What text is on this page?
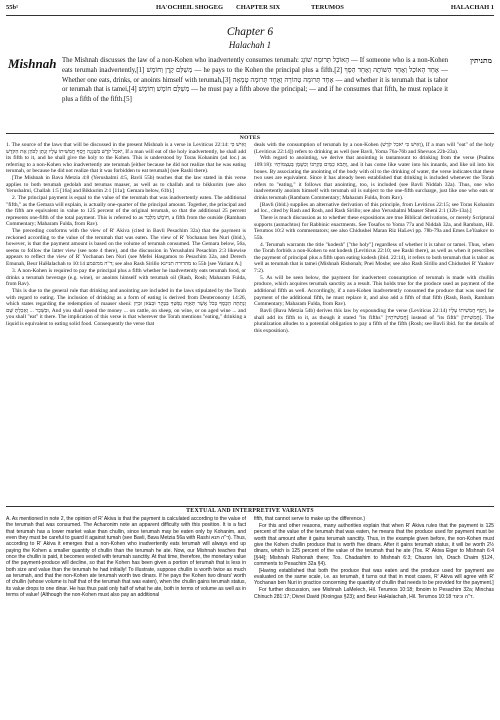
55b¹	HA'OCHEIL SHOGEG CHAPTER SIX	TERUMOS	HALACHAH 1
Chapter 6
Halachah 1
Mishnah	מתניתין
The Mishnah discusses the law of a non-Kohen who inadvertently consumes terumah: הָאוֹכֵל תְּרוּמָה שׁוֹגֵג — If someone who is a non-Kohen eats terumah inadvertently,[1] מְשַׁלֵּם קֶרֶן וְחוֹמֶשׁ — he pays to the Kohen the principal plus a fifth.[2] אֶחָד הָאוֹכֵל וְאֶחָד הַשּׁוֹתֶה וְאֶחָד הַסָּךְ — Whether one eats, drinks, or anoints himself with terumah,[3] אֶחָד תְּרוּמָה טְהוֹרָה וְאֶחָד תְּרוּמָה טְמֵאָה — and whether it is terumah that is tahor or terumah that is tamei,[4] מְשַׁלֵּם חוֹמֶשׁ וְחוֹמֶשׁ — he must pay a fifth above the principal; — and if he consumes that fifth, he must replace it plus a fifth of the fifth.[5]
NOTES

1. The source of the laws that will be discussed in the present Mishnah is a verse in Leviticus 22:14: וְאִישׁ כִּי יֹאכַל קֹדֶשׁ בִּשְׁגָגָה וְיָסַף חֲמִשִׁיתוֹ עָלָיו וְנָתַן לַכֹּהֵן אֶת הַקֹּדֶשׁ, If a man will eat of the holy inadvertently, he shall add its fifth to it, and he shall give the holy to the Kohen. This is understood by Toras Kohanim (ad loc.) as referring to a non-Kohen who inadvertently ate terumah [either because he did not realize that he was eating terumah, or because he did not realize that it was forbidden to eat terumah] (see Rashi there).

[The Mishnah in Bava Metzia 4:8 (Yerushalmi 4:5, Bavli 55b) teaches that the law stated in this verse applies to both terumah gedolah and terumas maaser, as well as to challah and to bikkurim (see also Yerushalmi, Challah 1:5 [16a] and Bikkurim 2:1 [11a]; Gemara below, 61b).]

2. The principal payment is equal to the value of the terumah that was inadvertently eaten. The additional "fifth," as the Gemara will explain, is actually one-quarter of the principal amount. Together, the principal and the fifth are equivalent in value to 125 percent of the original terumah, so that the additional 25 percent represents one-fifth of the total payment. This is referred to as חוֹמֶשׁ מִלְּבַר, a fifth from the outside (Rambam Commentary; Maharam Fulda, from Rav).

The preceding conforms with the view of R' Akiva (cited in Bavli Pesachim 32a) that the payment is reckoned according to the value of the terumah that was eaten. The view of R' Yochanan ben Nuri (ibid.), however, is that the payment amount is based on the volume of terumah consumed. The Gemara below, 56a, seems to follow the latter view (see note 4 there), and the discussion in Yerushalmi Pesachim 2:3 likewise appears to reflect the view of R' Yochanan ben Nuri (see Mefei Hasgamos to Pesachim 32a, and Derech Emunah, Beur HaHalachah to 10:14 ד"ה ממשמע; see also Rash Sirillo מהדורה תניינא to 55b [see Variant A.]

3. A non-Kohen is required to pay the principal plus a fifth whether he inadvertently eats terumah food, or drinks a terumah beverage (e.g. wine), or anoints himself with terumah oil (Rash, Rosh; Maharam Fulda, from Rav).

This is due to the general rule that drinking and anointing are included in the laws stipulated by the Torah with regard to eating. The inclusion of drinking as a form of eating is derived from Deuteronomy 14:26, which states regarding the redemption of maaser sheni: וְנָתַתָּה הַכֶּסֶף בְּכֹל אֲשֶׁר תְּאַוֶּה נַפְשְׁךָ בַּבָּקָר וּבַצֹּאן וּבַיַּיִן וּבַשֵּׁכָר ... וְאָכַלְתָּ שָּׁם, And you shall spend the money ... on cattle, on sheep, on wine, or on aged wine ... and you shall "eat" it there. The implication of this verse is that wherever the Torah mentions "eating," drinking a liquid is equivalent to eating solid food. Consequently the verse that

deals with the consumption of terumah by a non-Kohen (וְאִישׁ כִּי יֹאכַל קֹדֶשׁ), If a man will "eat" of the holy (Leviticus 22:14]) refers to drinking as well (see Bavli, Yoma 76a-76b and Shevuos 22b-23a).

With regard to anointing, we derive that anointing is tantamount to drinking from the verse (Psalms 109:18): וַתָּבֹא כַמַּיִם בְּקִרְבּוֹ וְכַשֶּׁמֶן בְּעַצְמוֹתָיו, and it has come like water into his innards, and like oil into his bones. By associating the anointing of the body with oil to the drinking of water, the verse indicates that these two uses are equivalent. Since it has already been established that drinking is included whenever the Torah refers to "eating," it follows that anointing, too, is included (see Bavli Niddah 32a). Thus, one who inadvertently anoints himself with terumah oil is subject to the one-fifth surcharge, just like one who eats or drinks terumah (Rambam Commentary; Maharam Fulda, from Rav).

[Bavli (ibid.) supplies an alternative derivation of this principle, from Leviticus 22:15; see Toras Kohanim ad loc., cited by Rash and Rosh, and Rash Sirillo; see also Yerushalmi Maaser Sheni 2:1 (12b-13a).]

There is much discussion as to whether these expositions are true Biblical derivations, or merely Scriptural supports (asmachtos) for Rabbinic enactments. See Tosafos to Yoma 77a and Niddah 32a, and Rambam, Hil. Terumos 10:2 with commentators; see also Chidushei Maran Riz HaLevi pp. 78b-79a and Emes LeYaakov to 55b.

4. Terumah warrants the title "kodesh" ["the holy"] regardless of whether it is tahor or tamei. Thus, when the Torah forbids a non-Kohen to eat kodesh (Leviticus 22:10; see Rashi there), as well as when it prescribes the payment of principal plus a fifth upon eating kodesh (ibid. 22:14), it refers to both terumah that is tahor as well as terumah that is tamei (Mishnah Rishonah; Pnei Moshe; see also Rash Sirillo and Chidushei R' Yaakov 7:2).

5. As will be seen below, the payment for inadvertent consumption of terumah is made with chullin produce, which acquires terumah sanctity as a result. This holds true for the produce used as payment of the additional fifth as well. Accordingly, if a non-Kohen inadvertently consumed the produce that was used for payment of the additional fifth, he must replace it, and also add a fifth of that fifth (Rash, Rosh, Rambam Commentary; Maharam Fulda, from Rav).

Bavli (Bava Metzia 54b) derives this law by expounding the verse (Leviticus 22:14) וְיָסַף חֲמִשִׁיתוֹ עָלָיו, he shall add its fifth to it, as though it stated "its fifths" [חֲמִשִׁיּוֹתָיו] instead of "its fifth" [חֲמִשִׁיתוֹ]. The pluralization alludes to a potential obligation to pay a fifth of the fifth (Rosh; see Bavli ibid. for the details of this exposition).

TEXTUAL AND INTERPRETIVE VARIANTS

A. As mentioned in note 2, the opinion of R' Akiva is that the payment is calculated according to the value of the terumah that was consumed. The Acharonim note an apparent difficulty with this position. It is a fact that terumah has a lower market value than chullin, since terumah may be eaten only by Kohanim, and even they must be careful to guard it against tumah (see Bavli, Bava Metzia 56a with Rashi ד"ה תנא). Thus, according to R' Akiva it emerges that a non-Kohen who inadvertently eats terumah will always end up paying the Kohen a smaller quantity of chullin than the terumah he ate. Now, our Mishnah teaches that once the chullin is paid, it becomes vested with terumah sanctity. At that time, therefore, the monetary value of the payment-produce will decline, so that the Kohen has been given a portion of terumah that is less in both size and value than the terumah he had initially! To illustrate, suppose chullin is worth twice as much as terumah, and that the non-Kohen ate terumah worth two dinars. If he pays the Kohen two dinars' worth of chullin (whose volume is half that of the terumah that was eaten), when the chullin gains terumah status, its value drops to one dinar. He has thus paid only half of what he ate, both in terms of volume as well as in terms of value! (Although the non-Kohen must also pay an additional

fifth, that cannot serve to make up the difference.)

For this and other reasons, many authorities explain that when R' Akiva rules that the payment is 125 percent of the value of the terumah that was eaten, he means that the produce used for payment must be worth that amount after it gains terumah sanctity. Thus, in the example given before, the non-Kohen must give the Kohen chullin produce that is worth five dinars. After it gains terumah status, it will be worth 2½ dinars, which is 125 percent of the value of the terumah that he ate (Tos. R' Akiva Eiger to Mishnah 6:4 [§44]; Mishnah Rishonah there; Tos. Chadashim to Mishnah 6:3; Chazon Ish, Orach Chaim §124, comments to Pesachim 32a §4).

[Having established that both the produce that was eaten and the produce used for payment are evaluated on the same scale, i.e. as terumah, it turns out that in most cases, R' Akiva will agree with R' Yochanan ben Nuri in practice concerning the quantity of chullin that needs to be provided for the payment.]

For further discussion, see Mishnah LaMelech, Hil. Terumos 10:18; Ibnoim to Pesachim 32a; Minchas Chinuch 281:17; Divrei David (Kroingas §23); and Beur HaHalachah, Hil. Terumos 10:18 ד"ה וכיצד.
